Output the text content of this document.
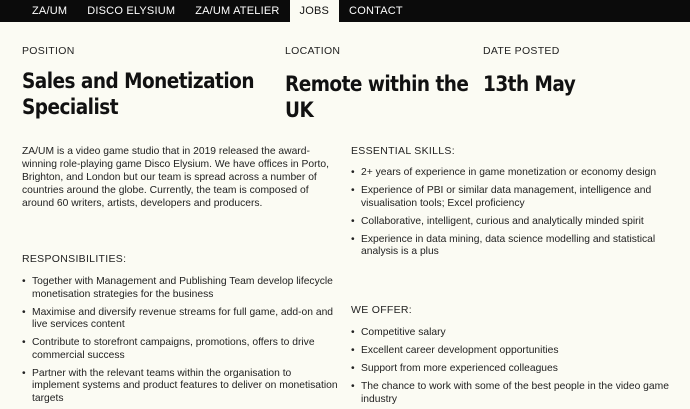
ZA/UM	DISCO ELYSIUM	ZA/UM ATELIER	JOBS	CONTACT
POSITION
Sales and Monetization
Specialist
LOCATION
Remote within the
UK
DATE POSTED
13th May
ZA/UM is a video game studio that in 2019 released the award-
winning role-playing game Disco Elysium. We have offices in Porto,
Brighton, and London but our team is spread across a number of
countries around the globe. Currently, the team is composed of
around 60 writers, artists, developers and producers.
RESPONSIBILITIES:
• Together with Management and Publishing Team develop lifecycle
monetisation strategies for the business
• Maximise and diversify revenue streams for full game, add-on and
live services content
• Contribute to storefront campaigns, promotions, offers to drive
commercial success
• Partner with the relevant teams within the organisation to
implement systems and product features to deliver on monetisation
targets
ESSENTIAL SKILLS:
• 2+ years of experience in game monetization or economy design
• Experience of PBI or similar data management, intelligence and
visualisation tools; Excel proficiency
• Collaborative, intelligent, curious and analytically minded spirit
• Experience in data mining, data science modelling and statistical
analysis is a plus
WE OFFER:
• Competitive salary
• Excellent career development opportunities
• Support from more experienced colleagues
• The chance to work with some of the best people in the video game
industry
